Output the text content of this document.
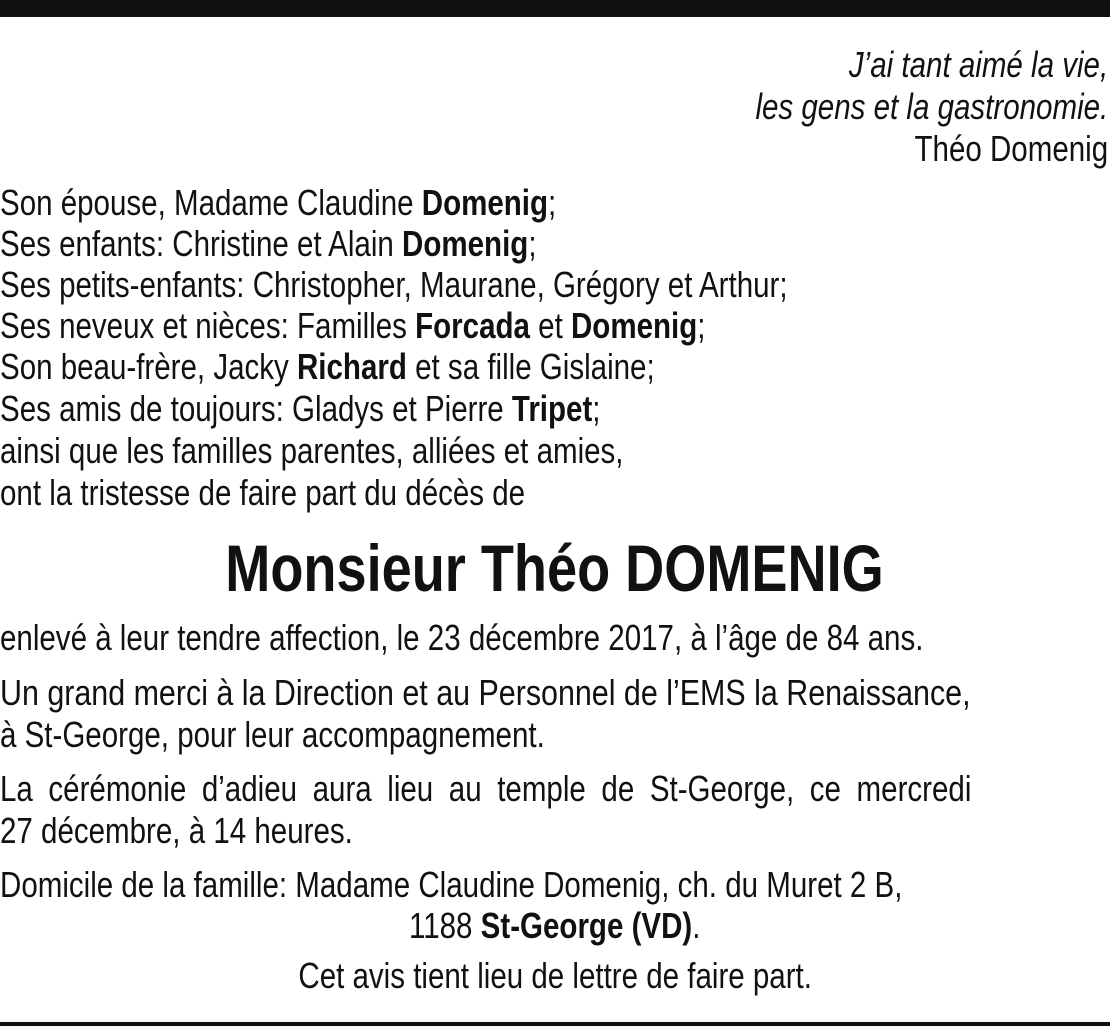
J’ai tant aimé la vie,
les gens et la gastronomie.
Théo Domenig
Son épouse, Madame Claudine Domenig;
Ses enfants: Christine et Alain Domenig;
Ses petits-enfants: Christopher, Maurane, Grégory et Arthur;
Ses neveux et nièces: Familles Forcada et Domenig;
Son beau-frère, Jacky Richard et sa fille Gislaine;
Ses amis de toujours: Gladys et Pierre Tripet;
ainsi que les familles parentes, alliées et amies,
ont la tristesse de faire part du décès de
Monsieur Théo DOMENIG
enlevé à leur tendre affection, le 23 décembre 2017, à l’âge de 84 ans.
Un grand merci à la Direction et au Personnel de l’EMS la Renaissance,
à St-George, pour leur accompagnement.
La cérémonie d’adieu aura lieu au temple de St-George, ce mercredi
27 décembre, à 14 heures.
Domicile de la famille: Madame Claudine Domenig, ch. du Muret 2 B,
1188 St-George (VD).
Cet avis tient lieu de lettre de faire part.
